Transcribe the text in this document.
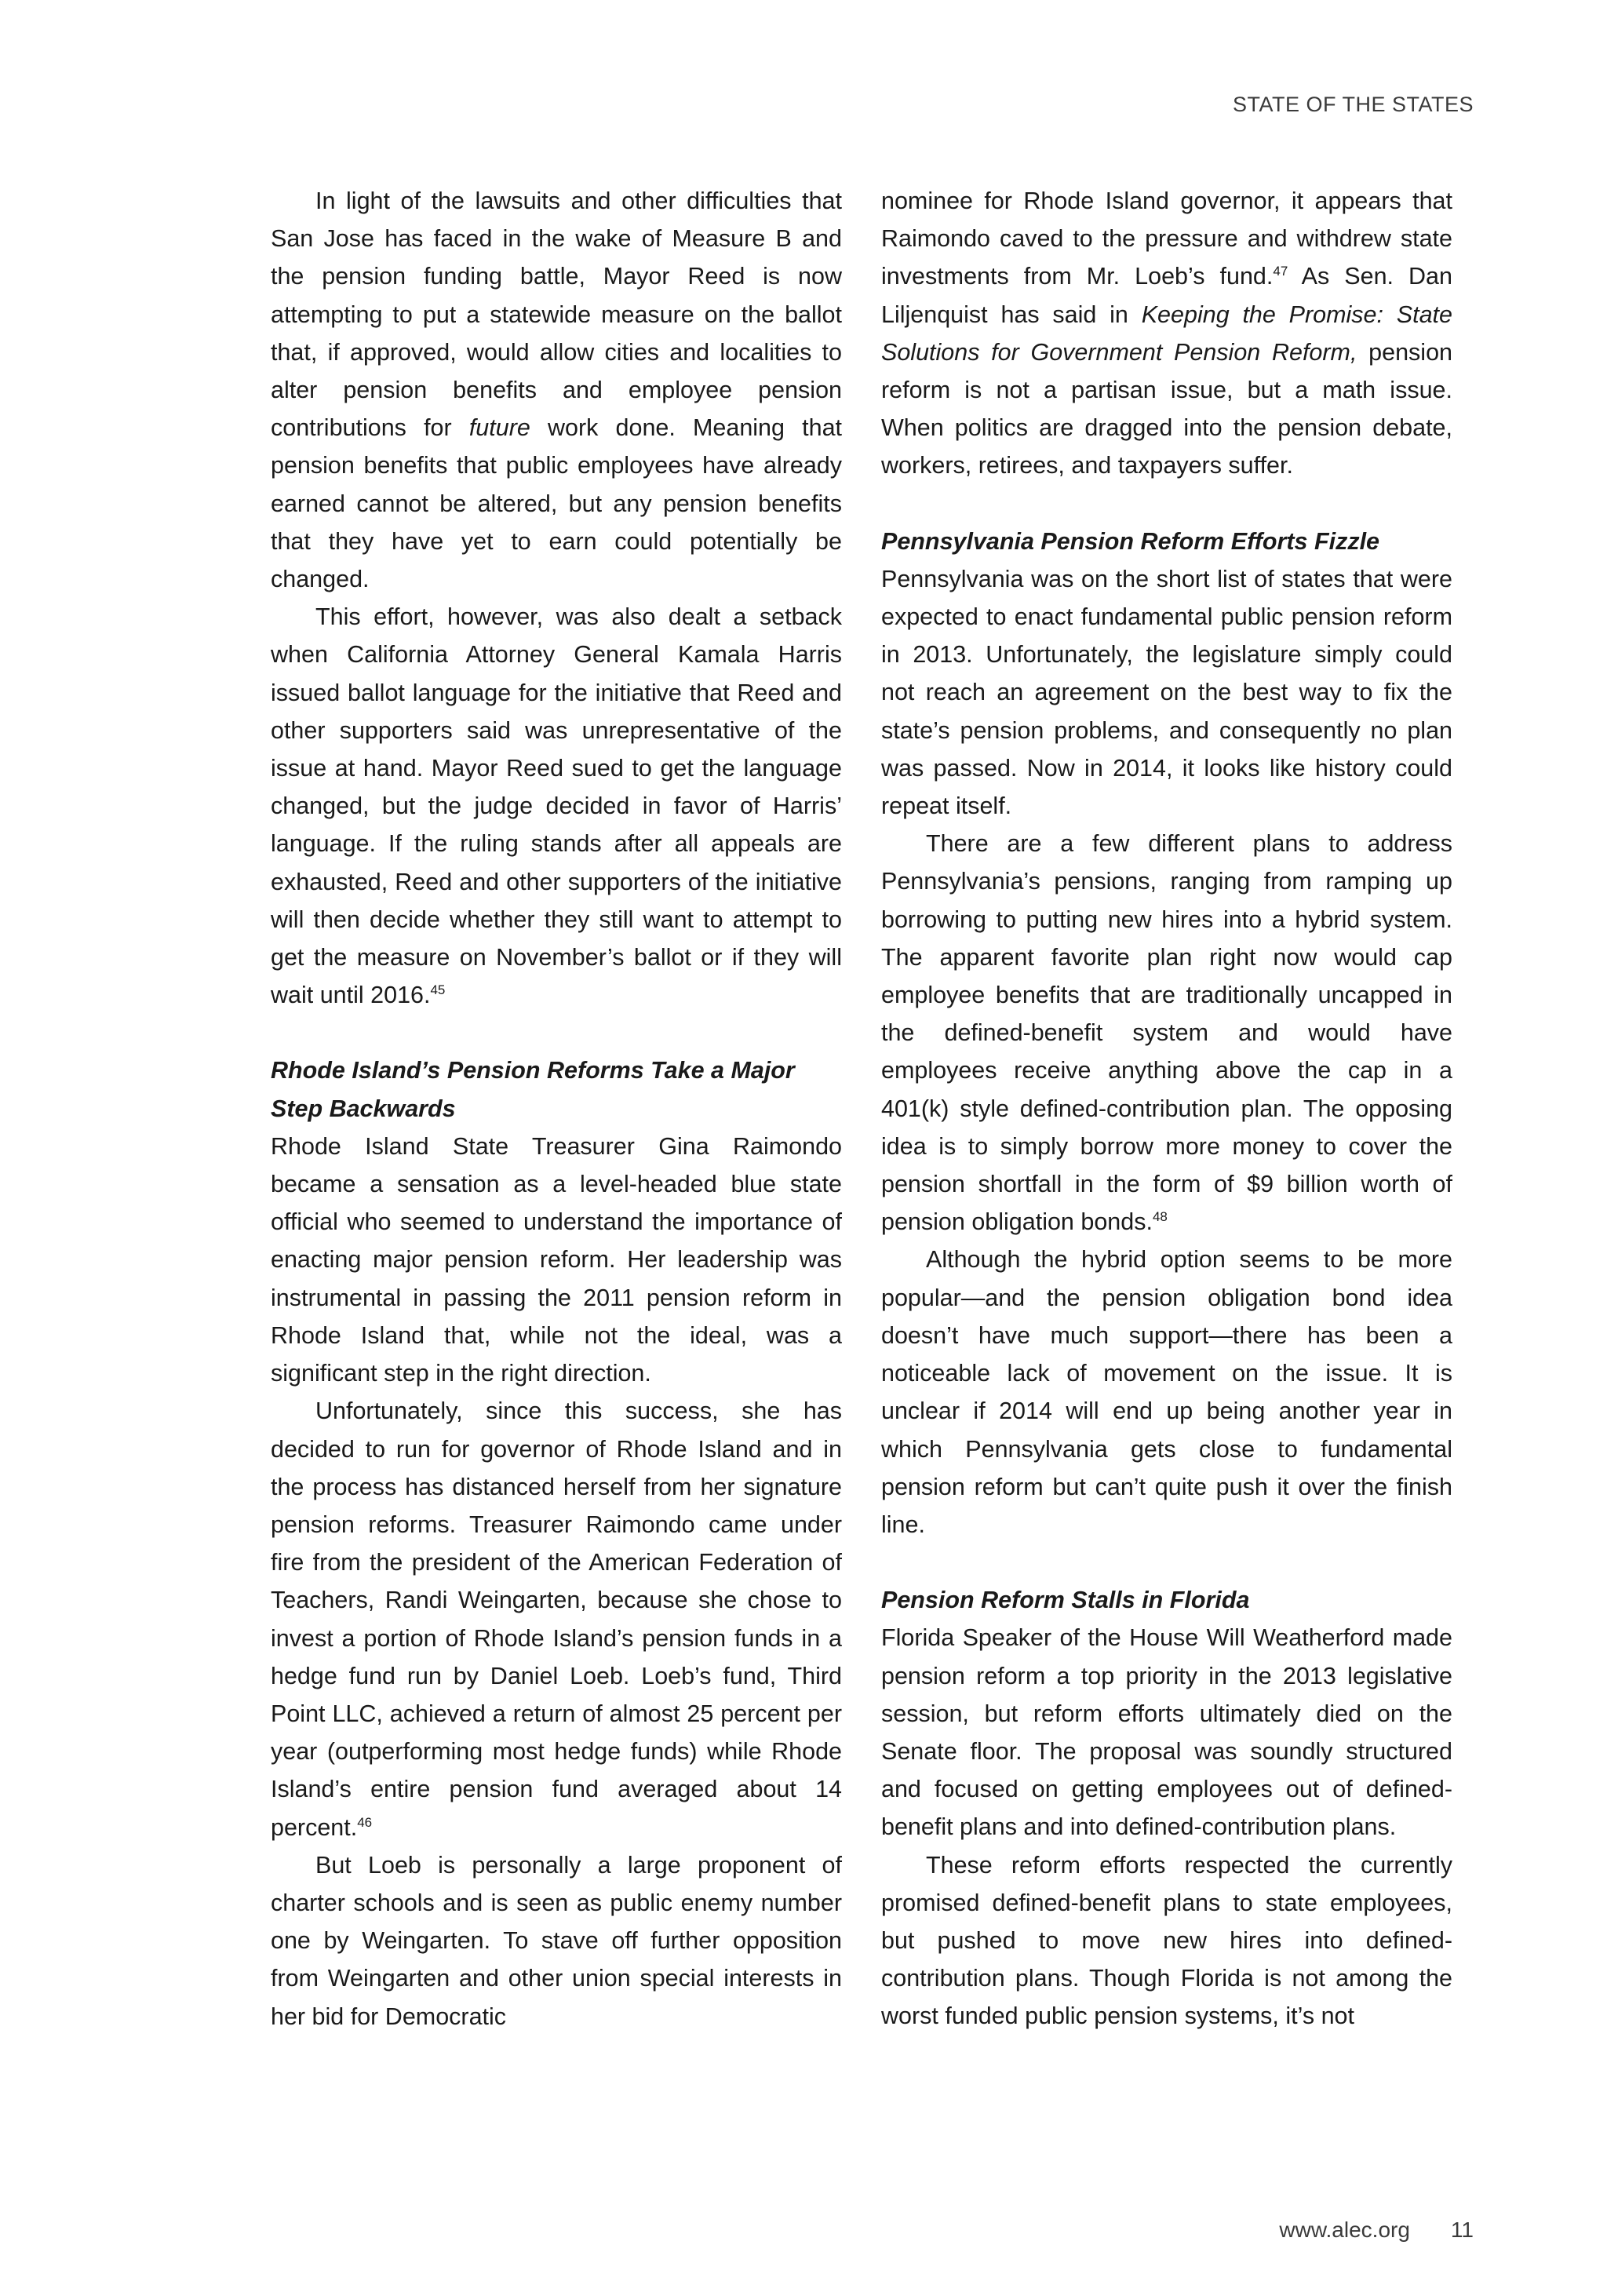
STATE OF THE STATES

In light of the lawsuits and other difficulties that San Jose has faced in the wake of Measure B and the pension funding battle, Mayor Reed is now attempting to put a statewide measure on the ballot that, if approved, would allow cities and localities to alter pension benefits and employee pension contributions for future work done. Meaning that pension benefits that public employees have already earned cannot be altered, but any pension benefits that they have yet to earn could potentially be changed.

This effort, however, was also dealt a setback when California Attorney General Kamala Harris issued ballot language for the initiative that Reed and other supporters said was unrepresentative of the issue at hand. Mayor Reed sued to get the language changed, but the judge decided in favor of Harris’ language. If the ruling stands after all appeals are exhausted, Reed and other supporters of the initiative will then decide whether they still want to attempt to get the measure on November’s ballot or if they will wait until 2016.45

Rhode Island’s Pension Reforms Take a Major Step Backwards

Rhode Island State Treasurer Gina Raimondo became a sensation as a level-headed blue state official who seemed to understand the importance of enacting major pension reform. Her leadership was instrumental in passing the 2011 pension reform in Rhode Island that, while not the ideal, was a significant step in the right direction.

Unfortunately, since this success, she has decided to run for governor of Rhode Island and in the process has distanced herself from her signature pension reforms. Treasurer Raimondo came under fire from the president of the American Federation of Teachers, Randi Weingarten, because she chose to invest a portion of Rhode Island’s pension funds in a hedge fund run by Daniel Loeb. Loeb’s fund, Third Point LLC, achieved a return of almost 25 percent per year (outperforming most hedge funds) while Rhode Island’s entire pension fund averaged about 14 percent.$^{46}$

But Loeb is personally a large proponent of charter schools and is seen as public enemy number one by Weingarten. To stave off further opposition from Weingarten and other union special interests in her bid for Democratic

nominee for Rhode Island governor, it appears that Raimondo caved to the pressure and withdrew state investments from Mr. Loeb’s fund.$^{47}$ As Sen. Dan Liljenquist has said in Keeping the Promise: State Solutions for Government Pension Reform, pension reform is not a partisan issue, but a math issue. When politics are dragged into the pension debate, workers, retirees, and taxpayers suffer.

Pennsylvania Pension Reform Efforts Fizzle

Pennsylvania was on the short list of states that were expected to enact fundamental public pension reform in 2013. Unfortunately, the legislature simply could not reach an agreement on the best way to fix the state’s pension problems, and consequently no plan was passed. Now in 2014, it looks like history could repeat itself.

There are a few different plans to address Pennsylvania’s pensions, ranging from ramping up borrowing to putting new hires into a hybrid system. The apparent favorite plan right now would cap employee benefits that are traditionally uncapped in the defined-benefit system and would have employees receive anything above the cap in a 401(k) style defined-contribution plan. The opposing idea is to simply borrow more money to cover the pension shortfall in the form of $9 billion worth of pension obligation bonds.$^{48}$

Although the hybrid option seems to be more popular—and the pension obligation bond idea doesn’t have much support—there has been a noticeable lack of movement on the issue. It is unclear if 2014 will end up being another year in which Pennsylvania gets close to fundamental pension reform but can’t quite push it over the finish line.

Pension Reform Stalls in Florida

Florida Speaker of the House Will Weatherford made pension reform a top priority in the 2013 legislative session, but reform efforts ultimately died on the Senate floor. The proposal was soundly structured and focused on getting employees out of defined-benefit plans and into defined-contribution plans.

These reform efforts respected the currently promised defined-benefit plans to state employees, but pushed to move new hires into defined-contribution plans. Though Florida is not among the worst funded public pension systems, it’s not

www.alec.org 11
